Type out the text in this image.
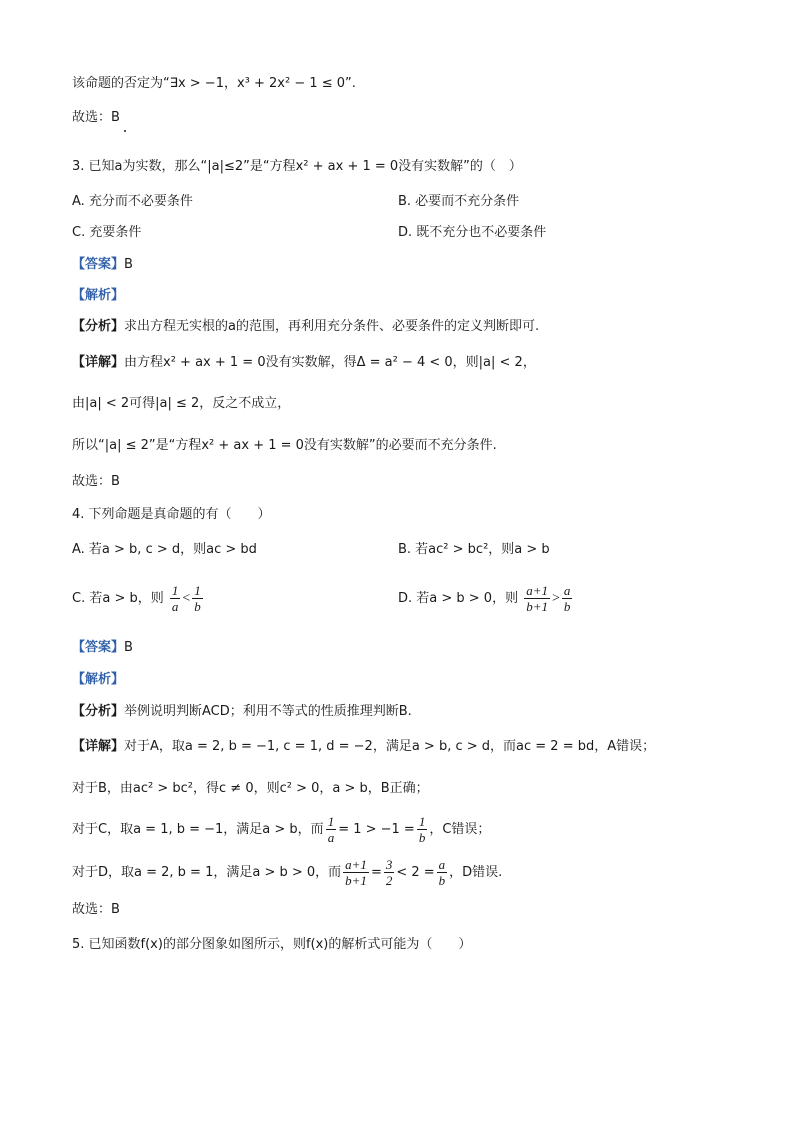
该命题的否定为“∃x > −1，x³ + 2x² − 1 ≤ 0”.
故选：B
3. 已知a为实数，那么“|a|≤2”是“方程x² + ax + 1 = 0没有实数解”的（　）
A. 充分而不必要条件	B. 必要而不充分条件
C. 充要条件	D. 既不充分也不必要条件
【答案】B
【解析】
【分析】求出方程无实根的a的范围，再利用充分条件、必要条件的定义判断即可.
【详解】由方程x² + ax + 1 = 0没有实数解，得Δ = a² − 4 < 0，则|a| < 2，
由|a| < 2可得|a| ≤ 2，反之不成立，
所以“|a| ≤ 2”是“方程x² + ax + 1 = 0没有实数解”的必要而不充分条件.
故选：B
4. 下列命题是真命题的有（　　）
A. 若a > b, c > d，则ac > bd	B. 若ac² > bc²，则a > b
C. 若a > b，则 $\frac{1}{a} < \frac{1}{b}$	D. 若a > b > 0，则 $\frac{a+1}{b+1} > \frac{a}{b}$
【答案】B
【解析】
【分析】举例说明判断ACD；利用不等式的性质推理判断B.
【详解】对于A，取a = 2, b = −1, c = 1, d = −2，满足a > b, c > d，而ac = 2 = bd，A错误；
对于B，由ac² > bc²，得c ≠ 0，则c² > 0，a > b，B正确；
对于C，取a = 1, b = −1，满足a > b，而 $\frac{1}{a} = 1 > -1 = \frac{1}{b}$ ，C错误；
对于D，取a = 2, b = 1，满足a > b > 0，而 $\frac{a+1}{b+1} = \frac{3}{2} < 2 = \frac{a}{b}$ ，D错误.
故选：B
5. 已知函数f(x)的部分图象如图所示，则f(x)的解析式可能为（　　）
